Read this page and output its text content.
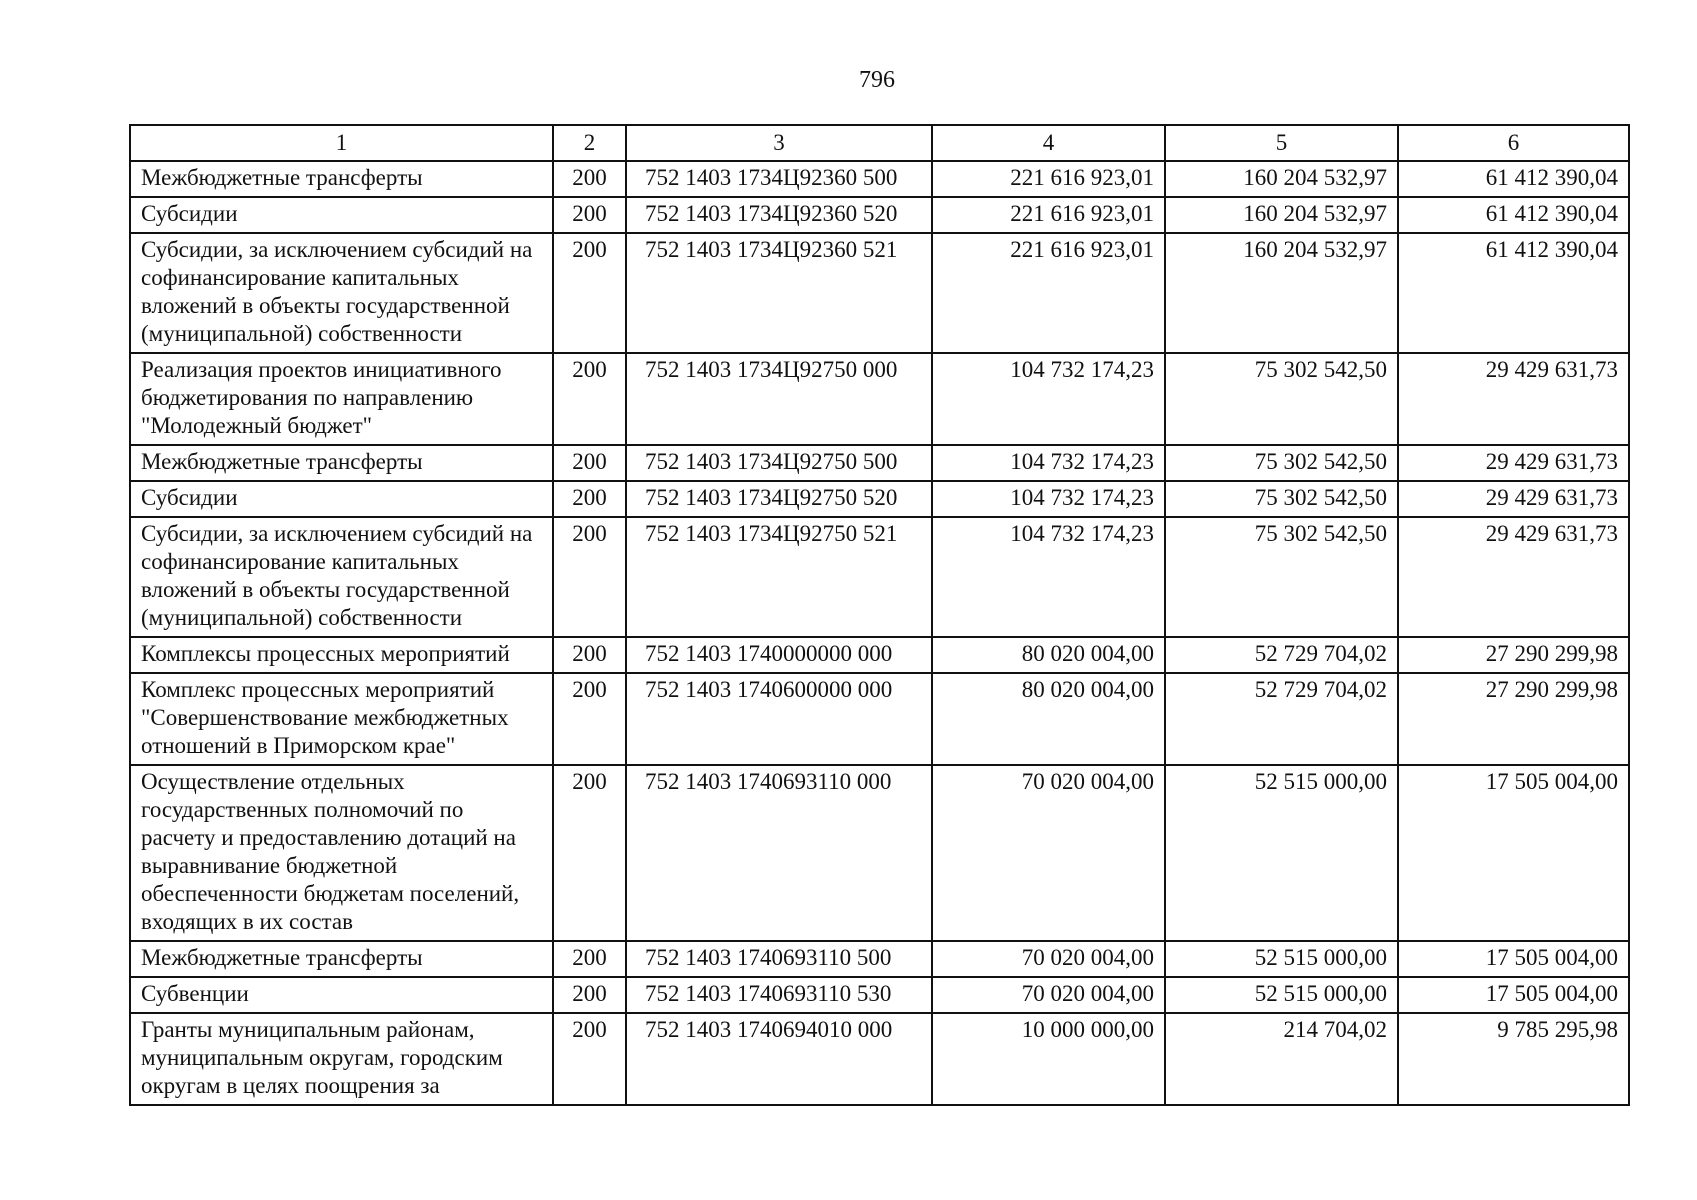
796
1	2	3	4	5	6
Межбюджетные трансферты	200	752 1403 1734Ц92360 500	221 616 923,01	160 204 532,97	61 412 390,04
Субсидии	200	752 1403 1734Ц92360 520	221 616 923,01	160 204 532,97	61 412 390,04
Субсидии, за исключением субсидий на софинансирование капитальных вложений в объекты государственной (муниципальной) собственности	200	752 1403 1734Ц92360 521	221 616 923,01	160 204 532,97	61 412 390,04
Реализация проектов инициативного бюджетирования по направлению "Молодежный бюджет"	200	752 1403 1734Ц92750 000	104 732 174,23	75 302 542,50	29 429 631,73
Межбюджетные трансферты	200	752 1403 1734Ц92750 500	104 732 174,23	75 302 542,50	29 429 631,73
Субсидии	200	752 1403 1734Ц92750 520	104 732 174,23	75 302 542,50	29 429 631,73
Субсидии, за исключением субсидий на софинансирование капитальных вложений в объекты государственной (муниципальной) собственности	200	752 1403 1734Ц92750 521	104 732 174,23	75 302 542,50	29 429 631,73
Комплексы процессных мероприятий	200	752 1403 1740000000 000	80 020 004,00	52 729 704,02	27 290 299,98
Комплекс процессных мероприятий "Совершенствование межбюджетных отношений в Приморском крае"	200	752 1403 1740600000 000	80 020 004,00	52 729 704,02	27 290 299,98
Осуществление отдельных государственных полномочий по расчету и предоставлению дотаций на выравнивание бюджетной обеспеченности бюджетам поселений, входящих в их состав	200	752 1403 1740693110 000	70 020 004,00	52 515 000,00	17 505 004,00
Межбюджетные трансферты	200	752 1403 1740693110 500	70 020 004,00	52 515 000,00	17 505 004,00
Субвенции	200	752 1403 1740693110 530	70 020 004,00	52 515 000,00	17 505 004,00
Гранты муниципальным районам, муниципальным округам, городским округам в целях поощрения за	200	752 1403 1740694010 000	10 000 000,00	214 704,02	9 785 295,98
